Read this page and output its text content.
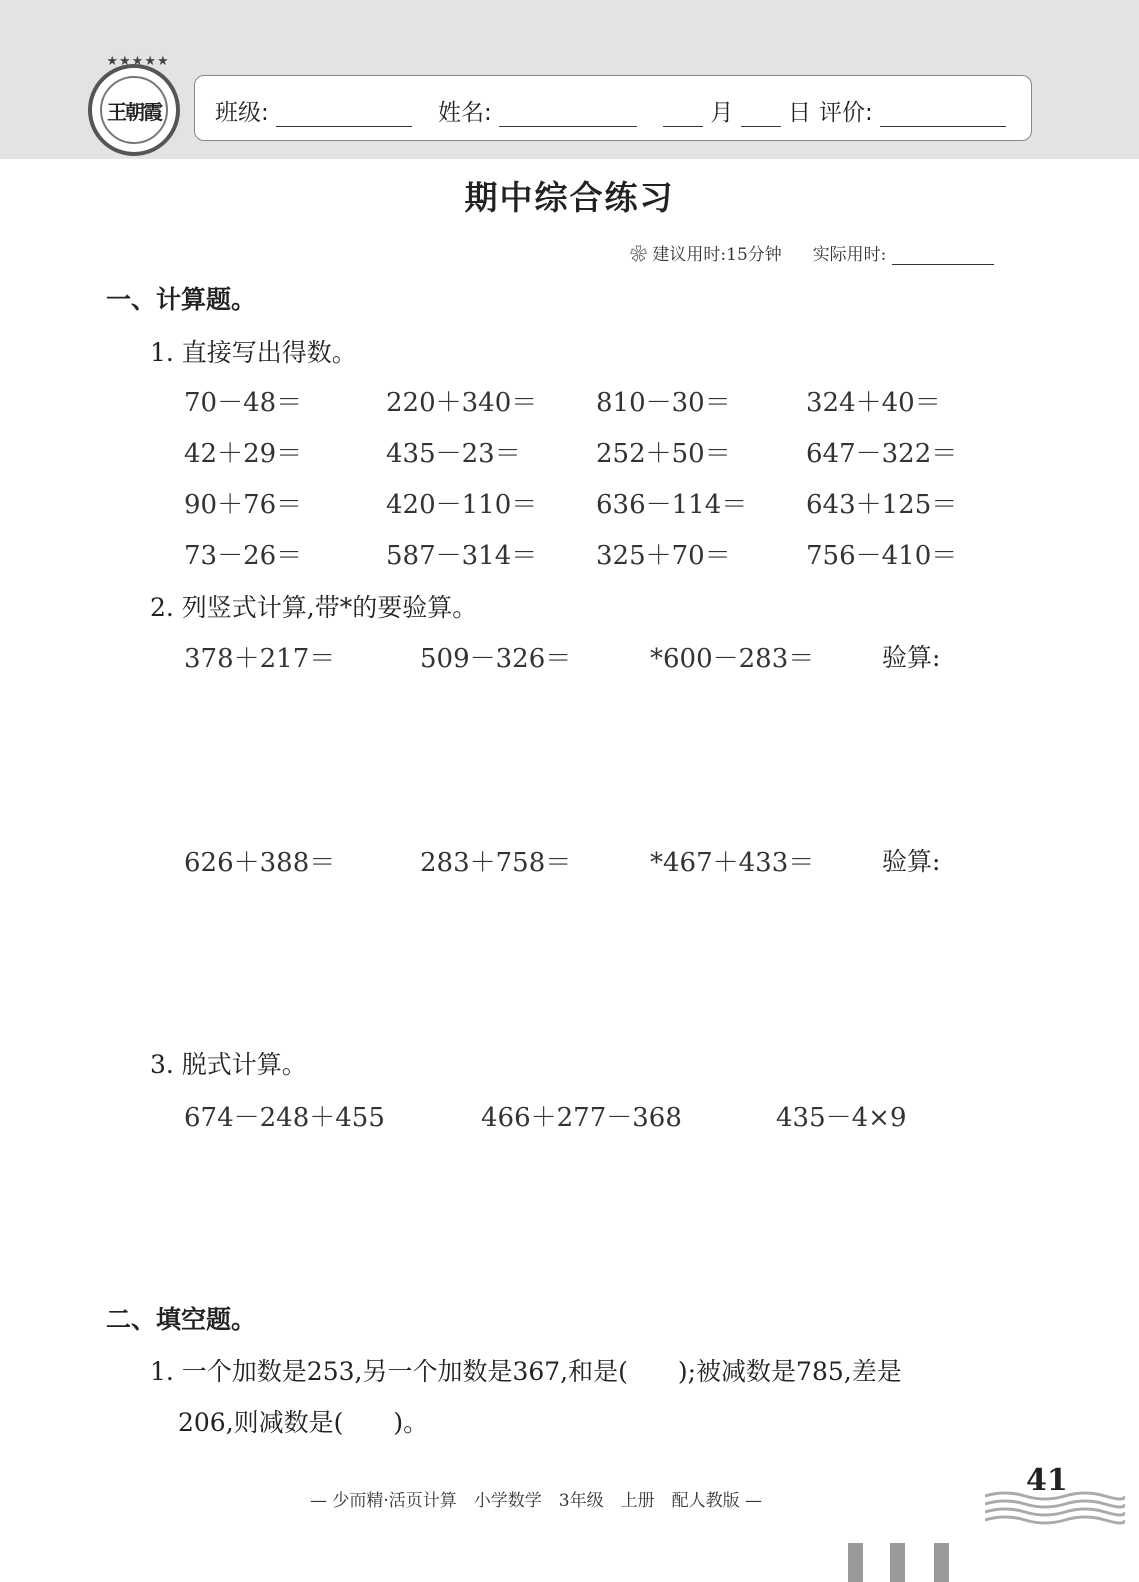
★★★★★
王朝霞	班级:	姓名:	月 日 评价:
期中综合练习
❀ 建议用时:15分钟 实际用时:
一、计算题。
1. 直接写出得数。
70－48＝	220＋340＝ 810－30＝	324＋40＝
42＋29＝	435－23＝	252＋50＝	647－322＝
90＋76＝	420－110＝ 636－114＝ 643＋125＝
73－26＝	587－314＝ 325＋70＝	756－410＝
2. 列竖式计算,带*的要验算。
378＋217＝	509－326＝	*600－283＝	验算:
626＋388＝	283＋758＝	*467＋433＝	验算:
3. 脱式计算。
674－248＋455	466＋277－368	435－4×9
二、填空题。
1. 一个加数是253,另一个加数是367,和是(　　);被减数是785,差是
206,则减数是(　　)。
— 少而精·活页计算　小学数学　3年级　上册　配人教版 —
41
